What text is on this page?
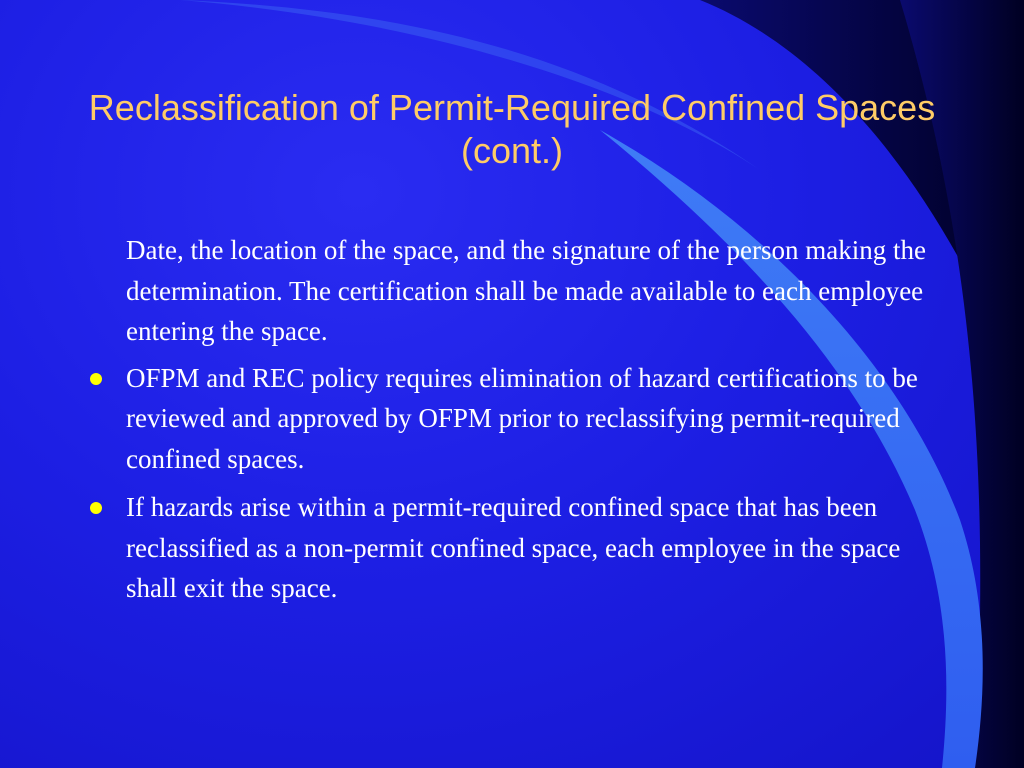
Reclassification of Permit-Required Confined Spaces (cont.)
Date, the location of the space, and the signature of the person making the determination. The certification shall be made available to each employee entering the space.
OFPM and REC policy requires elimination of hazard certifications to be reviewed and approved by OFPM prior to reclassifying permit-required confined spaces.
If hazards arise within a permit-required confined space that has been reclassified as a non-permit confined space, each employee in the space shall exit the space.
